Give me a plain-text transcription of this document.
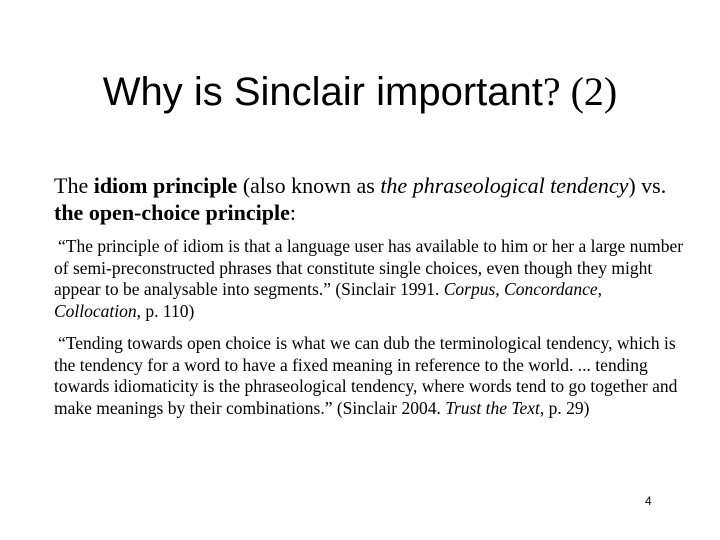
Why is Sinclair important? (2)
The idiom principle (also known as the phraseological tendency) vs. the open-choice principle:
“The principle of idiom is that a language user has available to him or her a large number of semi-preconstructed phrases that constitute single choices, even though they might appear to be analysable into segments.” (Sinclair 1991. Corpus, Concordance, Collocation, p. 110)
“Tending towards open choice is what we can dub the terminological tendency, which is the tendency for a word to have a fixed meaning in reference to the world. ... tending towards idiomaticity is the phraseological tendency, where words tend to go together and make meanings by their combinations.” (Sinclair 2004. Trust the Text, p. 29)
4
